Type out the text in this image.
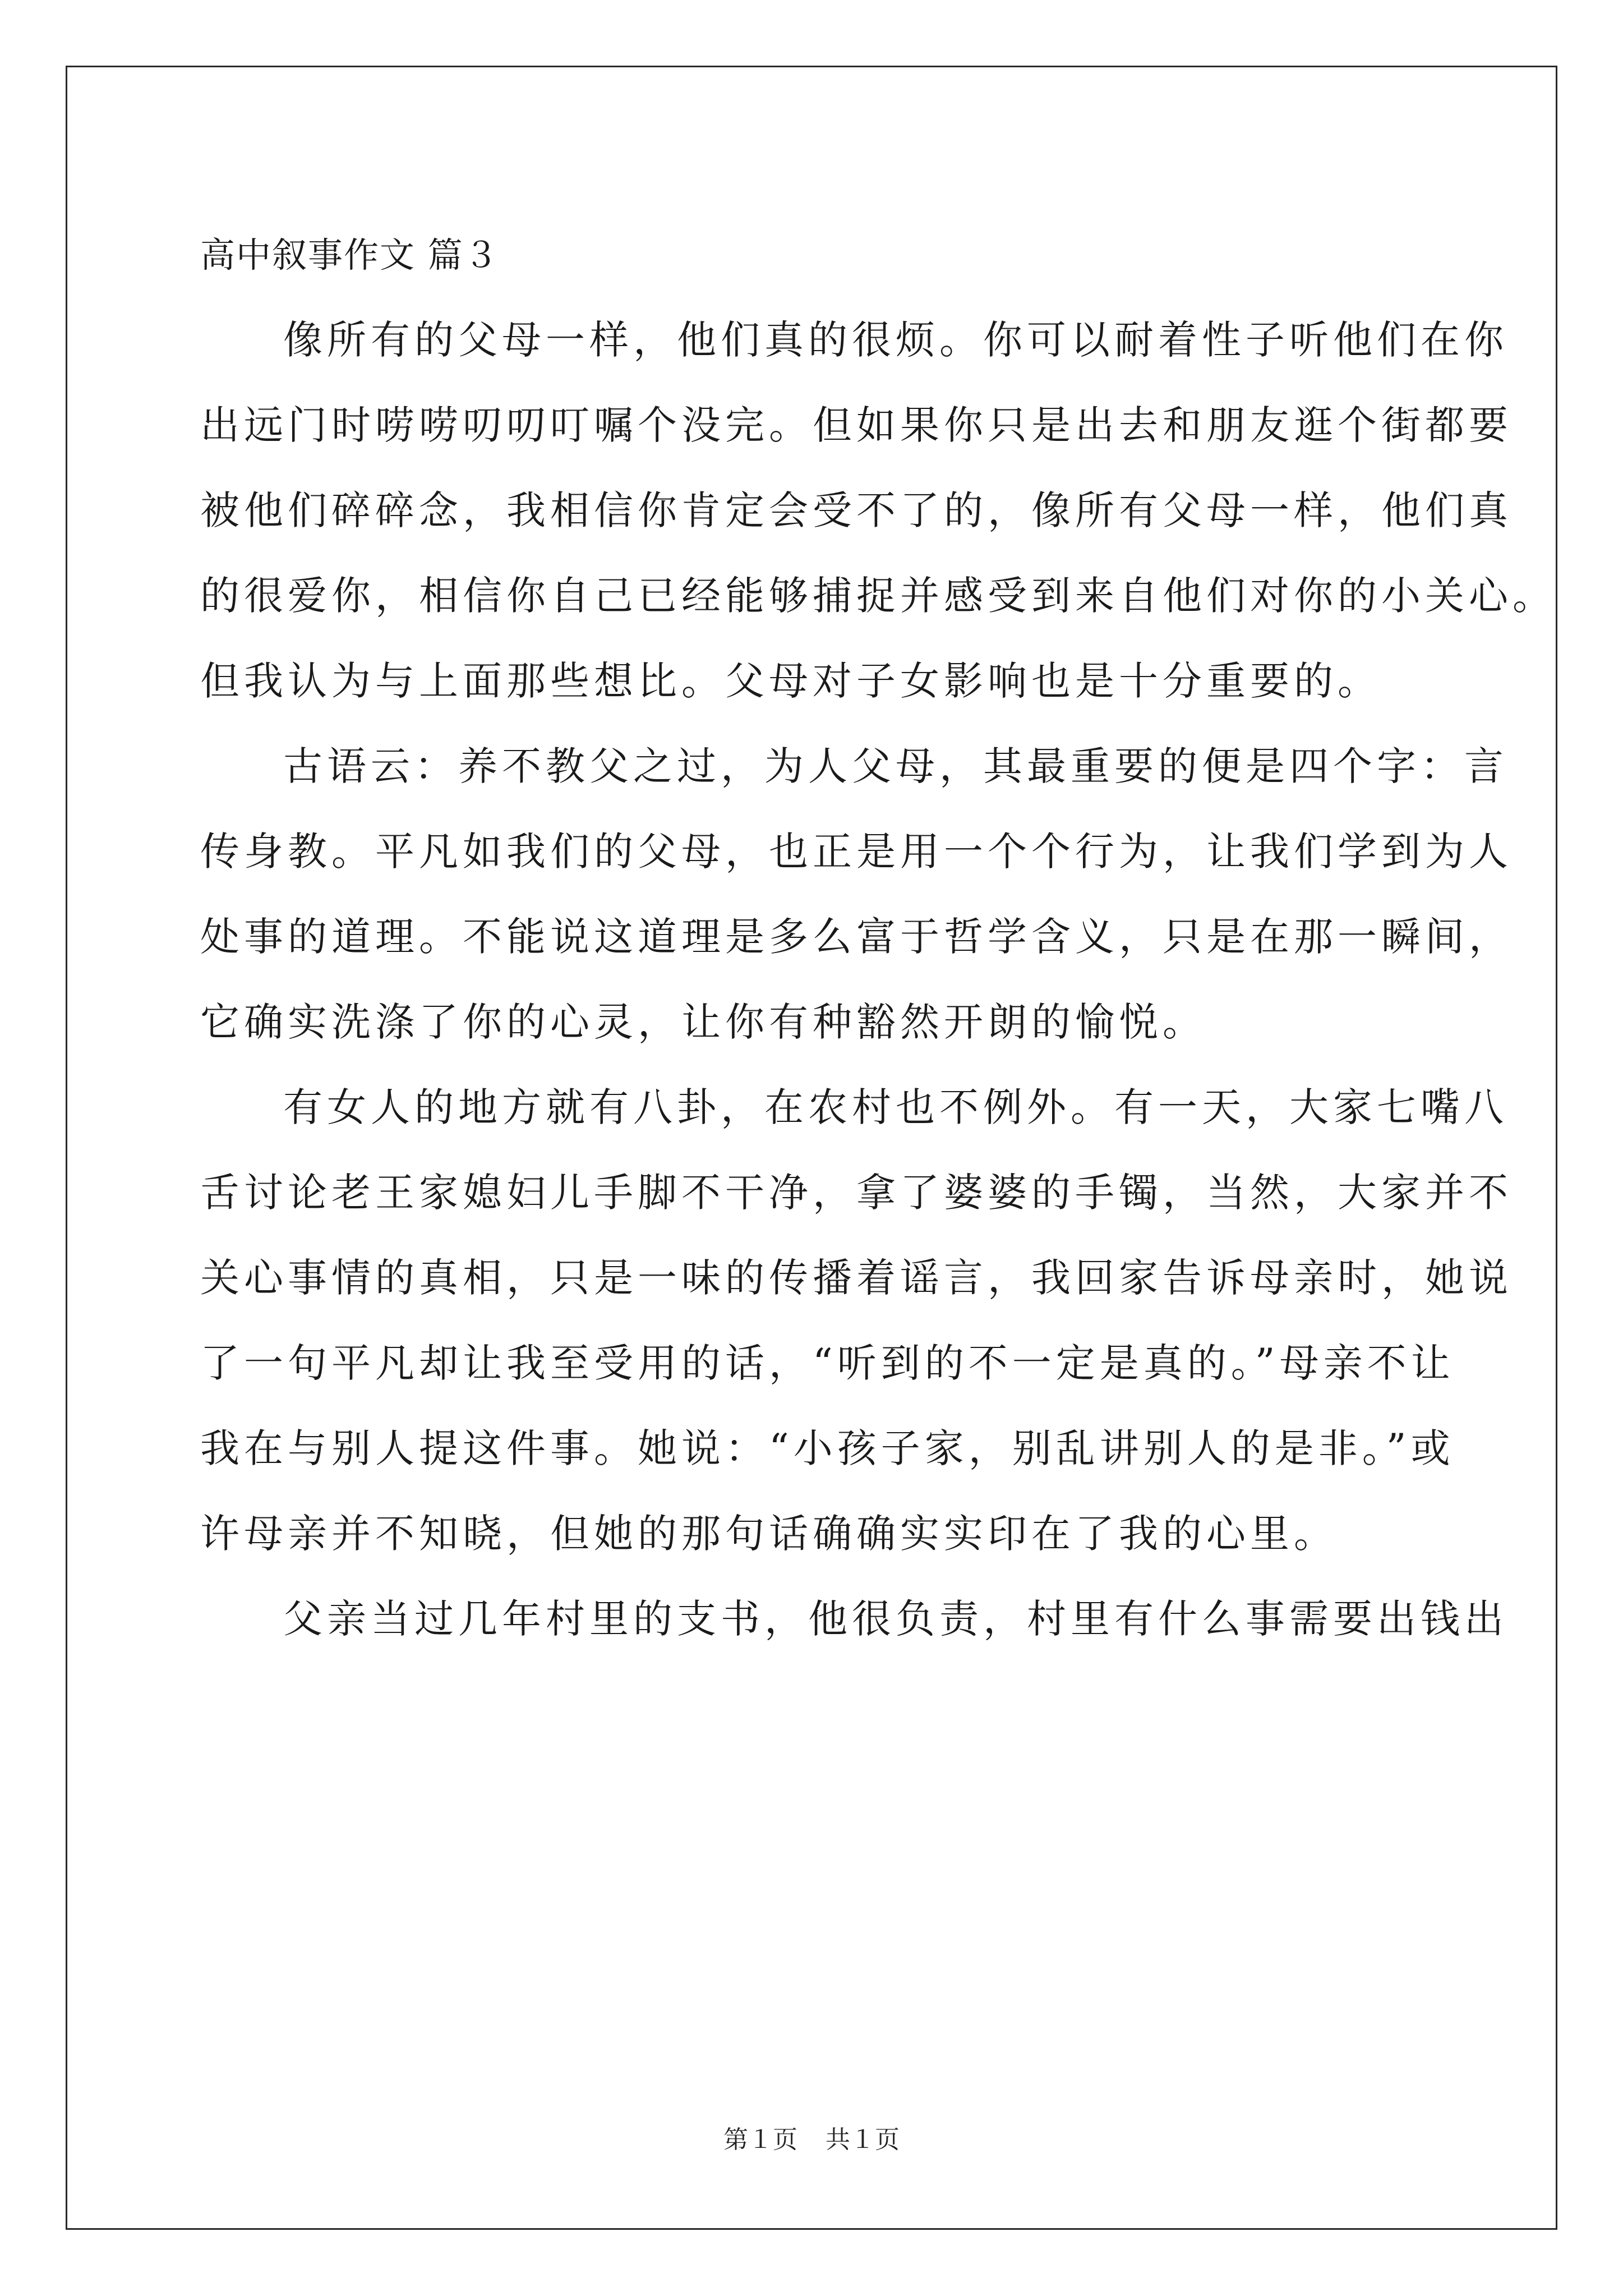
高中叙事作文 篇３
像所有的父母一样，他们真的很烦。你可以耐着性子听他们在你
出远门时唠唠叨叨叮嘱个没完。但如果你只是出去和朋友逛个街都要
被他们碎碎念，我相信你肯定会受不了的，像所有父母一样，他们真
的很爱你，相信你自己已经能够捕捉并感受到来自他们对你的小关心。
但我认为与上面那些想比。父母对子女影响也是十分重要的。
古语云：养不教父之过，为人父母，其最重要的便是四个字：言
传身教。平凡如我们的父母，也正是用一个个行为，让我们学到为人
处事的道理。不能说这道理是多么富于哲学含义，只是在那一瞬间，
它确实洗涤了你的心灵，让你有种豁然开朗的愉悦。
有女人的地方就有八卦，在农村也不例外。有一天，大家七嘴八
舌讨论老王家媳妇儿手脚不干净，拿了婆婆的手镯，当然，大家并不
关心事情的真相，只是一味的传播着谣言，我回家告诉母亲时，她说
了一句平凡却让我至受用的话，“听到的不一定是真的。”母亲不让
我在与别人提这件事。她说：“小孩子家，别乱讲别人的是非。”或
许母亲并不知晓，但她的那句话确确实实印在了我的心里。
父亲当过几年村里的支书，他很负责，村里有什么事需要出钱出
第１页 共１页
